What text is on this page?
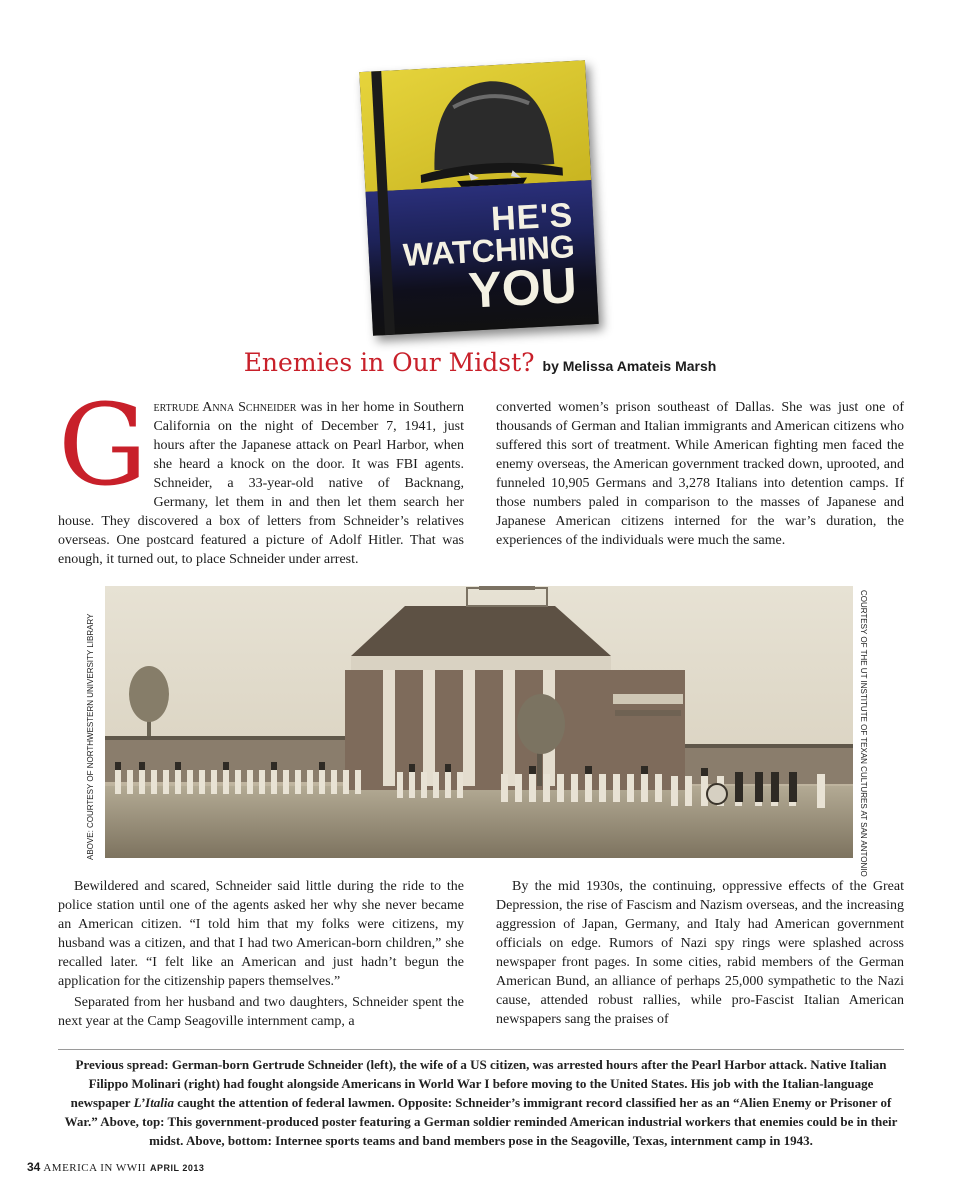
HE'S
WATCHING
YOU
Enemies in Our Midst? by Melissa Amateis Marsh
Gertrude Anna Schneider was in her home in Southern California on the night of December 7, 1941, just hours after the Japanese attack on Pearl Harbor, when she heard a knock on the door. It was FBI agents. Schneider, a 33-year-old native of Backnang, Germany, let them in and then let them search her house. They discovered a box of letters from Schneider’s relatives overseas. One postcard featured a picture of Adolf Hitler. That was enough, it turned out, to place Schneider under arrest.
converted women’s prison southeast of Dallas. She was just one of thousands of German and Italian immigrants and American citizens who suffered this sort of treatment. While American fighting men faced the enemy overseas, the American government tracked down, uprooted, and funneled 10,905 Germans and 3,278 Italians into detention camps. If those numbers paled in comparison to the masses of Japanese and Japanese American citizens interned for the war’s duration, the experiences of the individuals were much the same.
ABOVE: COURTESY OF NORTHWESTERN UNIVERSITY LIBRARY	COURTESY OF THE UT INSTITUTE OF TEXAN CULTURES AT SAN ANTONIO

Bewildered and scared, Schneider said little during the ride to the police station until one of the agents asked her why she never became an American citizen. “I told him that my folks were citizens, my husband was a citizen, and that I had two American-born children,” she recalled later. “I felt like an American and just hadn’t begun the application for the citizenship papers themselves.”

Separated from her husband and two daughters, Schneider spent the next year at the Camp Seagoville internment camp, a

By the mid 1930s, the continuing, oppressive effects of the Great Depression, the rise of Fascism and Nazism overseas, and the increasing aggression of Japan, Germany, and Italy had American government officials on edge. Rumors of Nazi spy rings were splashed across newspaper front pages. In some cities, rabid members of the German American Bund, an alliance of perhaps 25,000 sympathetic to the Nazi cause, attended robust rallies, while pro-Fascist Italian American newspapers sang the praises of

Previous spread: German-born Gertrude Schneider (left), the wife of a US citizen, was arrested hours after the Pearl Harbor attack. Native Italian Filippo Molinari (right) had fought alongside Americans in World War I before moving to the United States. His job with the Italian-language newspaper L’Italia caught the attention of federal lawmen. Opposite: Schneider’s immigrant record classified her as an “Alien Enemy or Prisoner of War.” Above, top: This government-produced poster featuring a German soldier reminded American industrial workers that enemies could be in their midst. Above, bottom: Internee sports teams and band members pose in the Seagoville, Texas, internment camp in 1943.
34 AMERICA IN WWII APRIL 2013
